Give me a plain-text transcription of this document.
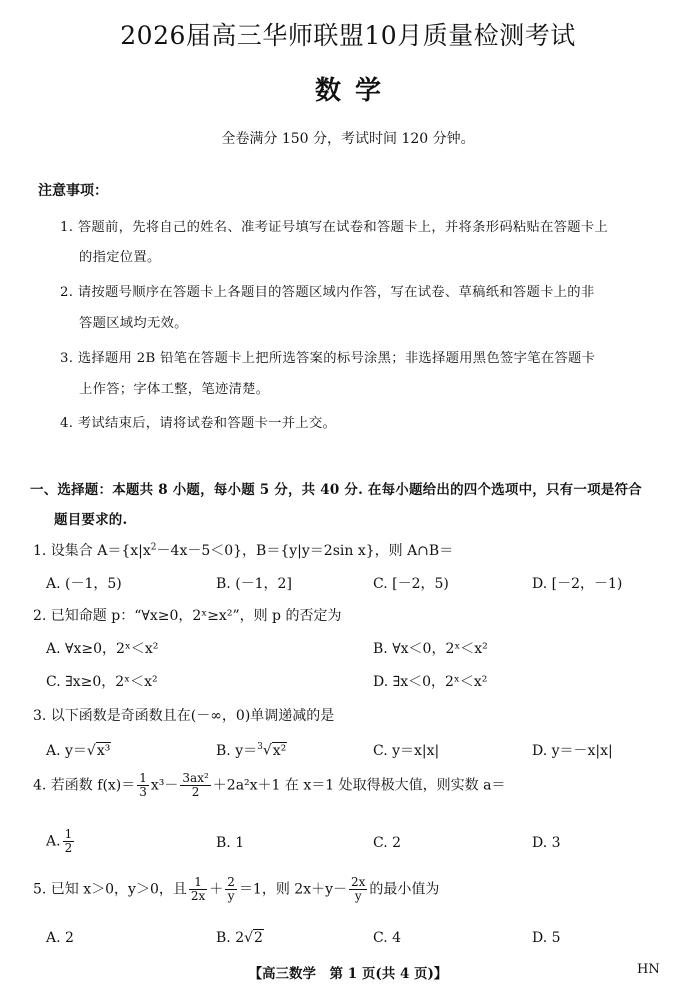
2026届高三华师联盟10月质量检测考试
数学
全卷满分 150 分，考试时间 120 分钟。
注意事项：
1. 答题前，先将自己的姓名、准考证号填写在试卷和答题卡上，并将条形码粘贴在答题卡上
的指定位置。
2. 请按题号顺序在答题卡上各题目的答题区域内作答，写在试卷、草稿纸和答题卡上的非
答题区域均无效。
3. 选择题用 2B 铅笔在答题卡上把所选答案的标号涂黑；非选择题用黑色签字笔在答题卡
上作答；字体工整，笔迹清楚。
4. 考试结束后，请将试卷和答题卡一并上交。
一、选择题：本题共 8 小题，每小题 5 分，共 40 分. 在每小题给出的四个选项中，只有一项是符合
题目要求的.
1. 设集合 $A=\{x|x^2-4x-5<0\}$，B＝{y|y＝2sin x}，则 A∩B＝
A. (－1，5)	B. (－1，2]	C. [－2，5)	D. [－2，－1)
2. 已知命题 p：“∀x≥0，2ˣ≥x²”，则 p 的否定为
A. ∀x≥0，2ˣ＜x²	B. ∀x＜0，2ˣ＜x²
C. ∃x≥0，2ˣ＜x²	D. ∃x＜0，2ˣ＜x²
3. 以下函数是奇函数且在(－∞，0)单调递减的是
A. y＝√x³	B. y＝$^3$√x²	C. y＝x|x|	D. y＝－x|x|
4. 若函数 $f(x)= \frac{1}{3} x^3- \frac{\text{3ax²}}{2} +2a^2x+1$ 在 x＝1 处取得极大值，则实数 a＝
A. $\frac{1}{2}$	B. 1	C. 2	D. 3
5. 已知 x＞0，y＞0，且 $\frac{1}{2x} + \frac{2}{y} =1$，则 $2x+y- \frac{2x}{y}$ 的最小值为
A. 2	B. 2√2	C. 4	D. 5
【高三数学　第 1 页(共 4 页)】	HN
